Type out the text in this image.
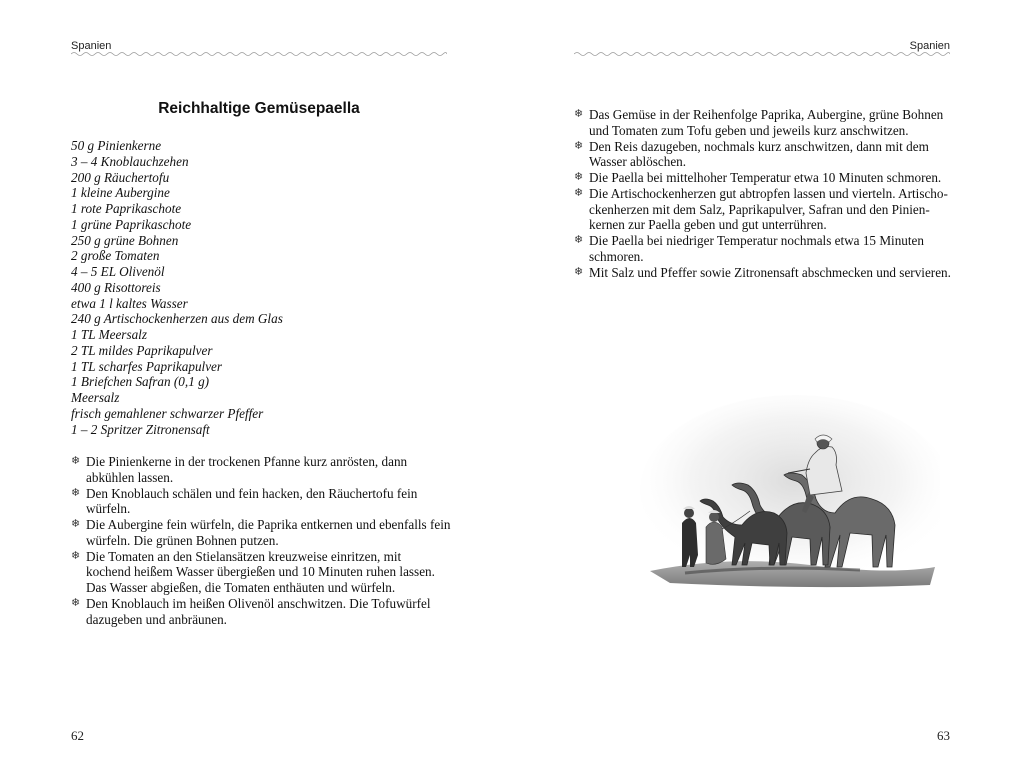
Spanien
Reichhaltige Gemüsepaella
50 g Pinienkerne
3 – 4 Knoblauchzehen
200 g Räuchertofu
1 kleine Aubergine
1 rote Paprikaschote
1 grüne Paprikaschote
250 g grüne Bohnen
2 große Tomaten
4 – 5 EL Olivenöl
400 g Risottoreis
etwa 1 l kaltes Wasser
240 g Artischockenherzen aus dem Glas
1 TL Meersalz
2 TL mildes Paprikapulver
1 TL scharfes Paprikapulver
1 Briefchen Safran (0,1 g)
Meersalz
frisch gemahlener schwarzer Pfeffer
1 – 2 Spritzer Zitronensaft
❄ Die Pinienkerne in der trockenen Pfanne kurz anrösten, dann
abkühlen lassen.
❄ Den Knoblauch schälen und fein hacken, den Räuchertofu fein
würfeln.
❄ Die Aubergine fein würfeln, die Paprika entkernen und ebenfalls fein
würfeln. Die grünen Bohnen putzen.
❄ Die Tomaten an den Stielansätzen kreuzweise einritzen, mit
kochend heißem Wasser übergießen und 10 Minuten ruhen lassen.
Das Wasser abgießen, die Tomaten enthäuten und würfeln.
❄ Den Knoblauch im heißen Olivenöl anschwitzen. Die Tofuwürfel
dazugeben und anbräunen.
62
Spanien
❄ Das Gemüse in der Reihenfolge Paprika, Aubergine, grüne Bohnen
und Tomaten zum Tofu geben und jeweils kurz anschwitzen.
❄ Den Reis dazugeben, nochmals kurz anschwitzen, dann mit dem
Wasser ablöschen.
❄ Die Paella bei mittelhoher Temperatur etwa 10 Minuten schmoren.
❄ Die Artischockenherzen gut abtropfen lassen und vierteln. Artischo-
ckenherzen mit dem Salz, Paprikapulver, Safran und den Pinien-
kernen zur Paella geben und gut unterrühren.
❄ Die Paella bei niedriger Temperatur nochmals etwa 15 Minuten
schmoren.
❄ Mit Salz und Pfeffer sowie Zitronensaft abschmecken und servieren.
63
